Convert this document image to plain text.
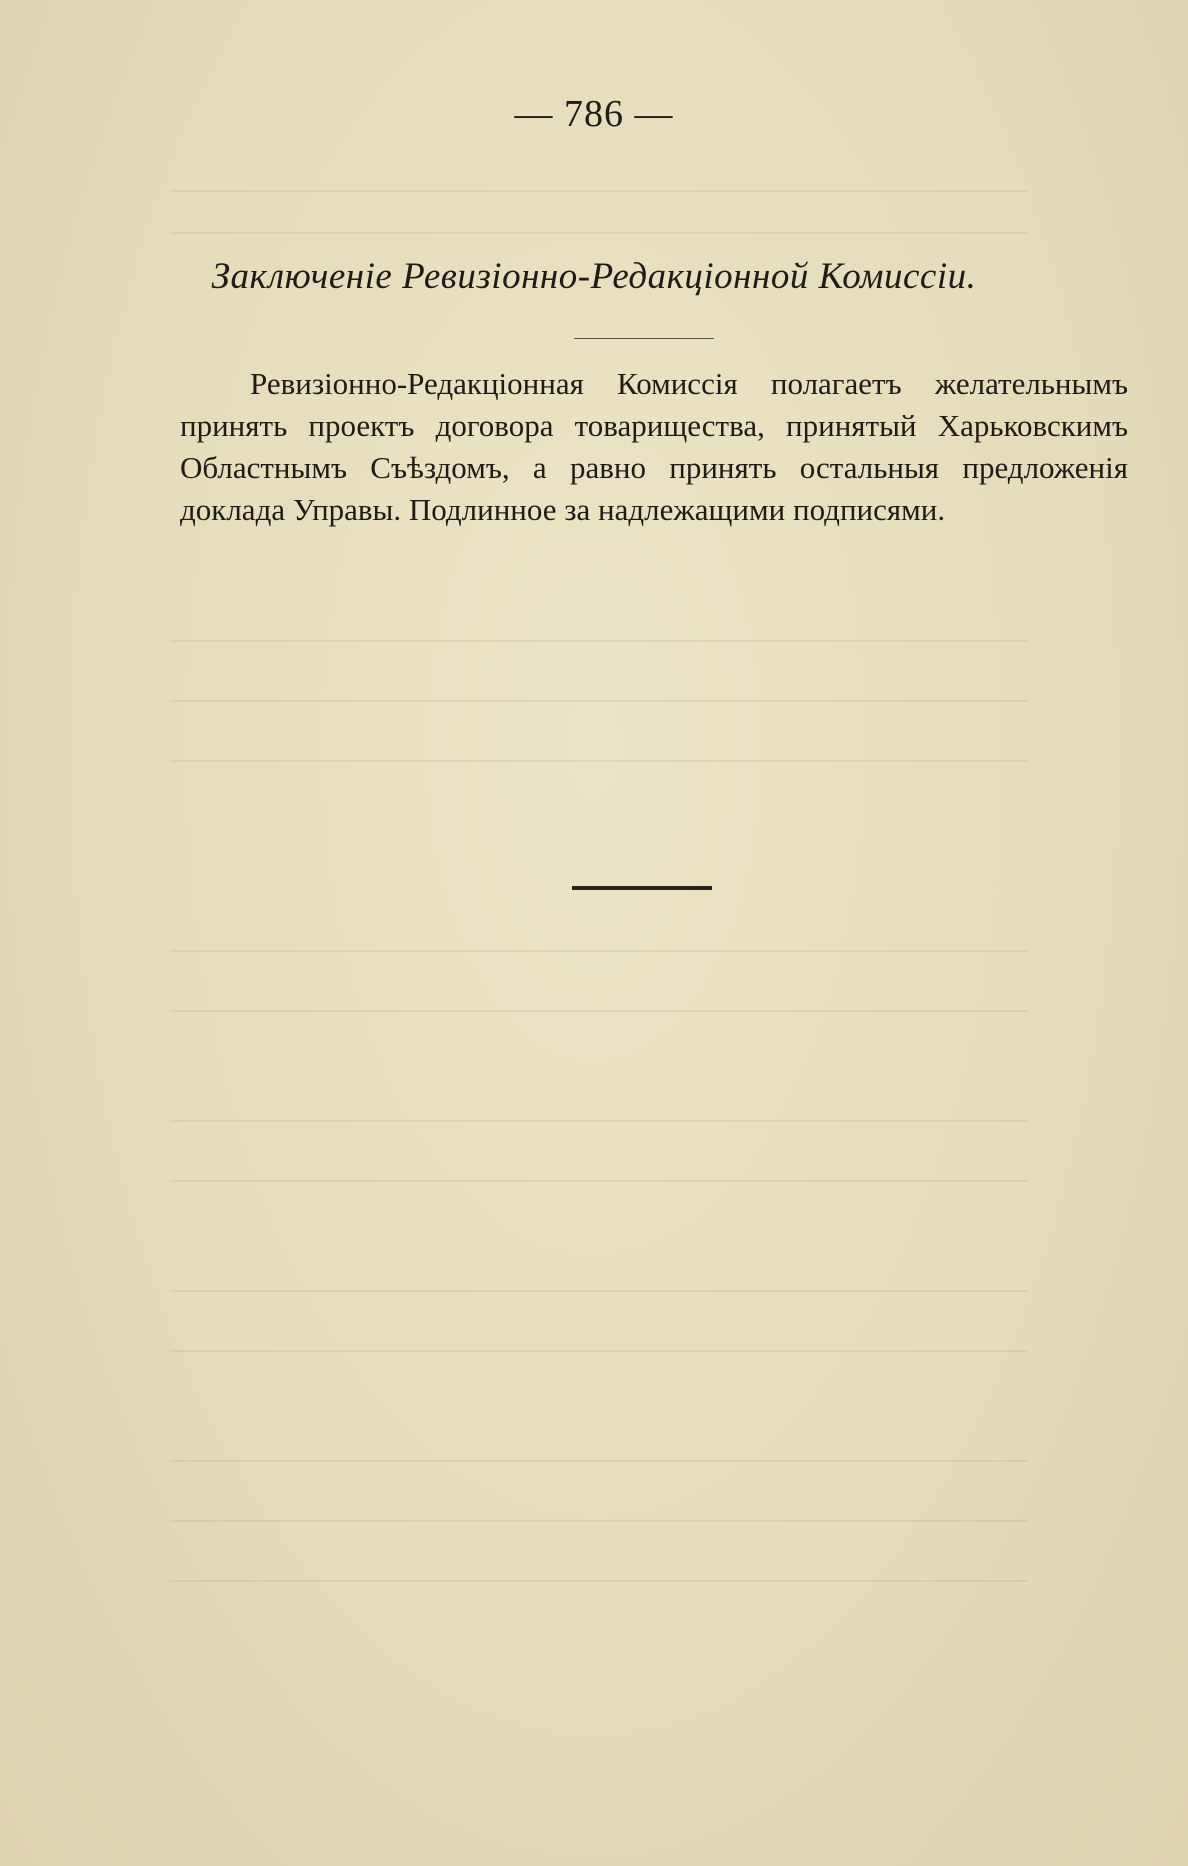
— 786 —
Заключеніе Ревизіонно-Редакціонной Комиссіи.
Ревизіонно-Редакціонная Комиссія полагаетъ желательнымъ принять проектъ договора товарищества, принятый Харьковскимъ Областнымъ Съѣздомъ, а равно принять остальныя предложенія доклада Управы. Подлинное за надлежащими подписями.
